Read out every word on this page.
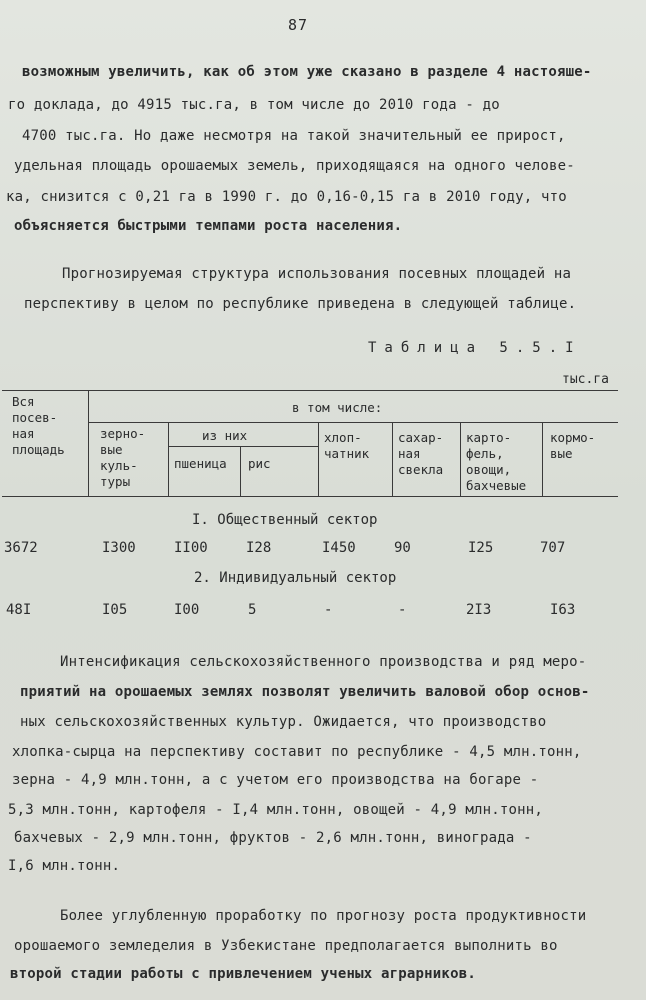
87
возможным увеличить, как об этом уже сказано в разделе 4 настояше-
го доклада, до 4915 тыс.га, в том числе до 2010 года - до
4700 тыс.га. Но даже несмотря на такой значительный ее прирост,
удельная площадь орошаемых земель, приходящаяся на одного челове-
ка, снизится с 0,21 га в 1990 г. до 0,16-0,15 га в 2010 году, что
объясняется быстрыми темпами роста населения.
Прогнозируемая структура использования посевных площадей на
перспективу в целом по республике приведена в следующей таблице.
Таблица 5.5.I
тыс.га
Вся
посев-
ная
площадь
в том числе:
зерно-
вые
куль-
туры
из них
пшеница рис
хлоп-
чатник
сахар-
ная
свекла
карто-
фель,
овощи,
бахчевые
кормо-
вые
I. Общественный сектор
3672	I300	II00	I28	I450	90	I25	707
2. Индивидуальный сектор
48I	I05	I00	5	-	-	2I3	I63
Интенсификация сельскохозяйственного производства и ряд меро-
приятий на орошаемых землях позволят увеличить валовой обор основ-
ных сельскохозяйственных культур. Ожидается, что производство
хлопка-сырца на перспективу составит по республике - 4,5 млн.тонн,
зерна - 4,9 млн.тонн, а с учетом его производства на богаре -
5,3 млн.тонн, картофеля - I,4 млн.тонн, овощей - 4,9 млн.тонн,
бахчевых - 2,9 млн.тонн, фруктов - 2,6 млн.тонн, винограда -
I,6 млн.тонн.
Более углубленную проработку по прогнозу роста продуктивности
орошаемого земледелия в Узбекистане предполагается выполнить во
второй стадии работы с привлечением ученых аграрников.
